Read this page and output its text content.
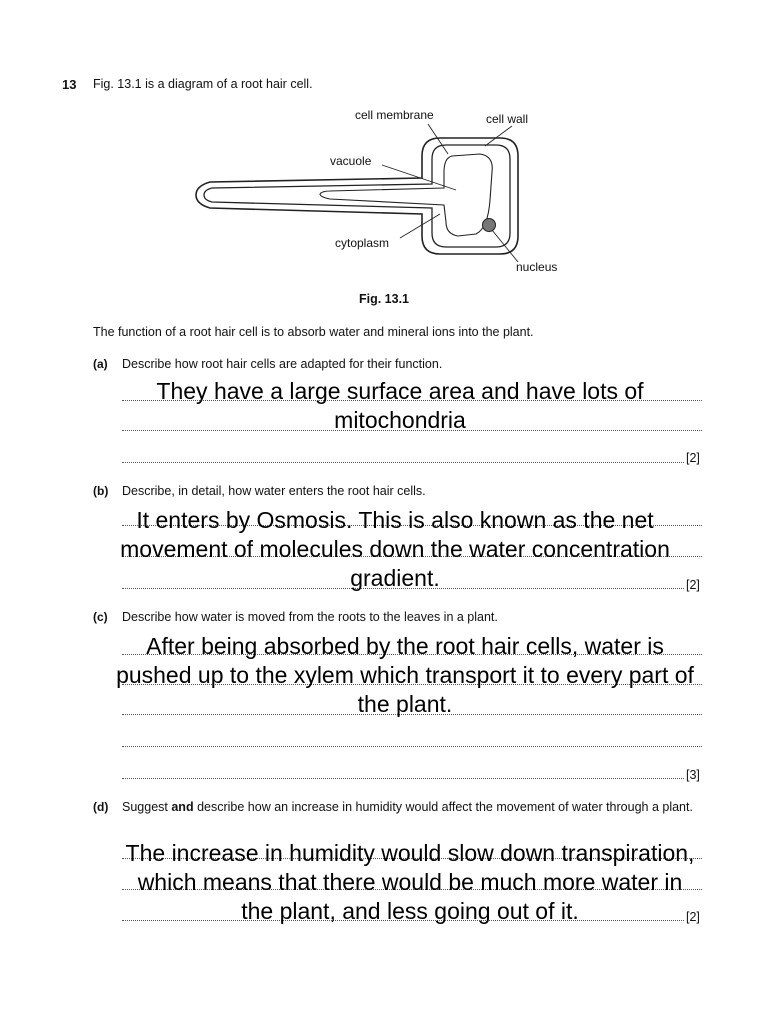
13 Fig. 13.1 is a diagram of a root hair cell.
cell membrane	cell wall
vacuole
cytoplasm
nucleus
Fig. 13.1
The function of a root hair cell is to absorb water and mineral ions into the plant.
(a) Describe how root hair cells are adapted for their function.
[2]
They have a large surface area and have lots of mitochondria
(b) Describe, in detail, how water enters the root hair cells.
[2]
It enters by Osmosis. This is also known as the net movement of molecules down the water concentration gradient.
(c) Describe how water is moved from the roots to the leaves in a plant.
[3]
After being absorbed by the root hair cells, water is pushed up to the xylem which transport it to every part of the plant.
(d) Suggest and describe how an increase in humidity would affect the movement of water through a plant.
[2]
The increase in humidity would slow down transpiration, which means that there would be much more water in the plant, and less going out of it.
